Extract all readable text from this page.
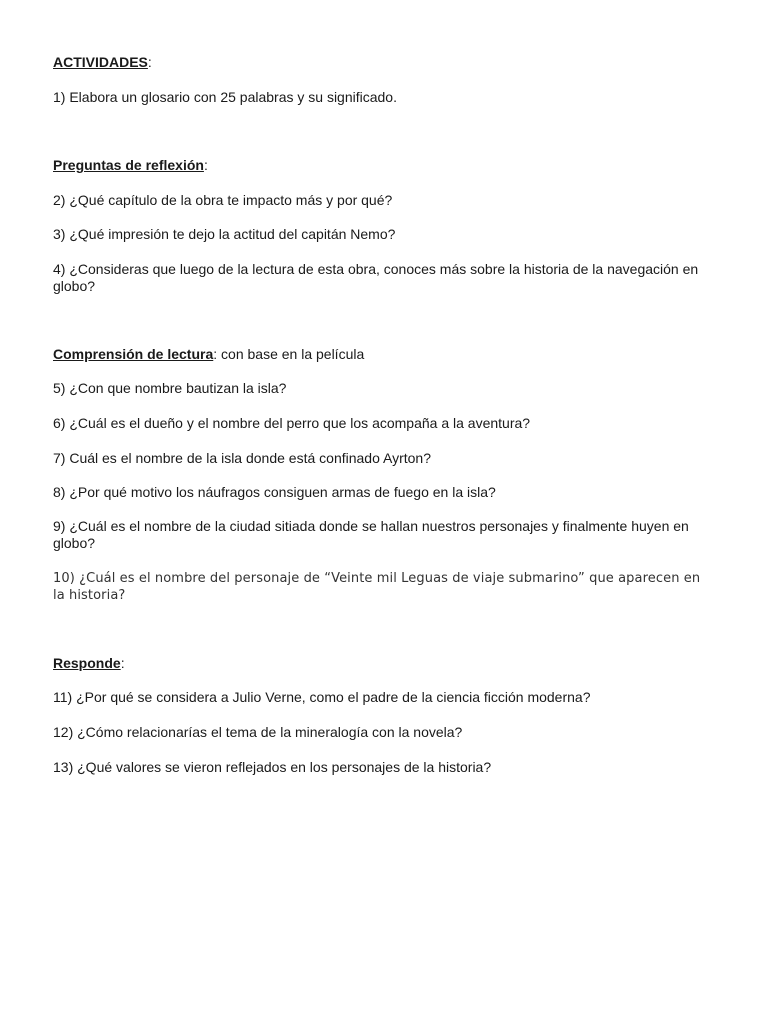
ACTIVIDADES:
1) Elabora un glosario con 25 palabras y su significado.
Preguntas de reflexión:
2) ¿Qué capítulo de la obra te impacto más y por qué?
3) ¿Qué impresión te dejo la actitud del capitán Nemo?
4) ¿Consideras que luego de la lectura de esta obra, conoces más sobre la historia de la navegación en globo?
Comprensión de lectura: con base en la película
5) ¿Con que nombre bautizan la isla?
6) ¿Cuál es el dueño y el nombre del perro que los acompaña a la aventura?
7) Cuál es el nombre de la isla donde está confinado Ayrton?
8) ¿Por qué motivo los náufragos consiguen armas de fuego en la isla?
9) ¿Cuál es el nombre de la ciudad sitiada donde se hallan nuestros personajes y finalmente huyen en globo?
10) ¿Cuál es el nombre del personaje de “Veinte mil Leguas de viaje submarino” que aparecen en la historia?
Responde:
11) ¿Por qué se considera a Julio Verne, como el padre de la ciencia ficción moderna?
12) ¿Cómo relacionarías el tema de la mineralogía con la novela?
13) ¿Qué valores se vieron reflejados en los personajes de la historia?
